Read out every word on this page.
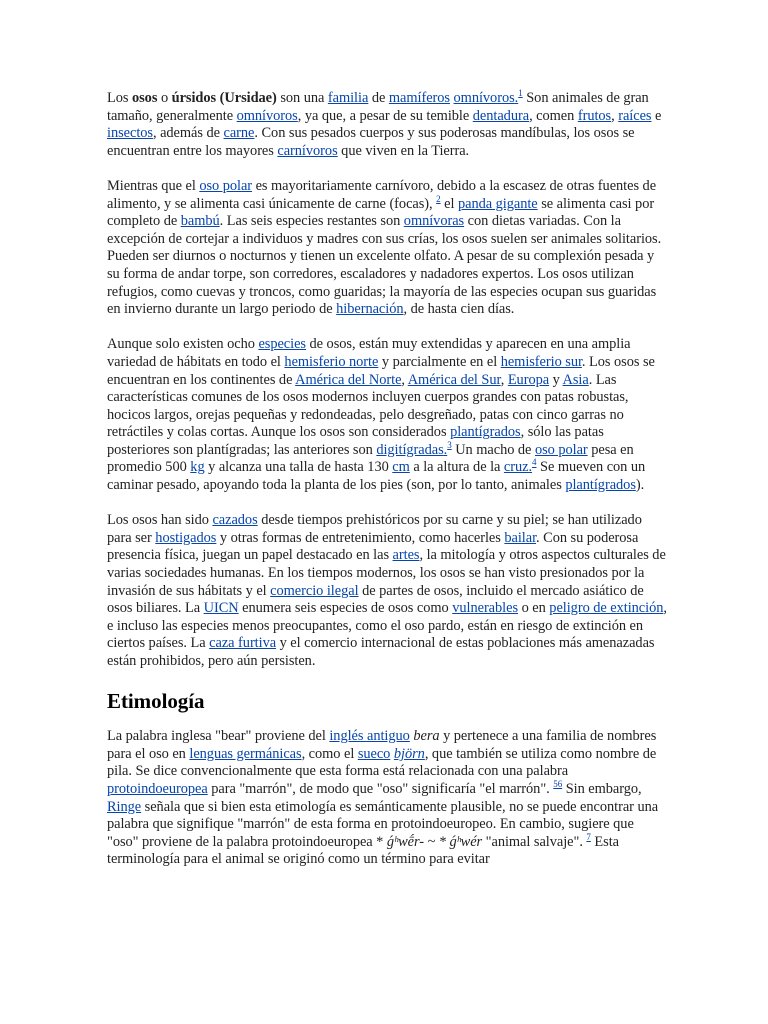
Los osos o úrsidos (Ursidae) son una familia de mamíferos omnívoros.$^1$ Son animales de gran tamaño, generalmente omnívoros, ya que, a pesar de su temible dentadura, comen frutos, raíces e insectos, además de carne. Con sus pesados cuerpos y sus poderosas mandíbulas, los osos se encuentran entre los mayores carnívoros que viven en la Tierra.

Mientras que el oso polar es mayoritariamente carnívoro, debido a la escasez de otras fuentes de alimento, y se alimenta casi únicamente de carne (focas), $^2$ el panda gigante se alimenta casi por completo de bambú. Las seis especies restantes son omnívoras con dietas variadas. Con la excepción de cortejar a individuos y madres con sus crías, los osos suelen ser animales solitarios. Pueden ser diurnos o nocturnos y tienen un excelente olfato. A pesar de su complexión pesada y su forma de andar torpe, son corredores, escaladores y nadadores expertos. Los osos utilizan refugios, como cuevas y troncos, como guaridas; la mayoría de las especies ocupan sus guaridas en invierno durante un largo periodo de hibernación, de hasta cien días.

Aunque solo existen ocho especies de osos, están muy extendidas y aparecen en una amplia variedad de hábitats en todo el hemisferio norte y parcialmente en el hemisferio sur. Los osos se encuentran en los continentes de América del Norte, América del Sur, Europa y Asia. Las características comunes de los osos modernos incluyen cuerpos grandes con patas robustas, hocicos largos, orejas pequeñas y redondeadas, pelo desgreñado, patas con cinco garras no retráctiles y colas cortas. Aunque los osos son considerados plantígrados, sólo las patas posteriores son plantígradas; las anteriores son digitígradas.$^3$ Un macho de oso polar pesa en promedio 500 kg y alcanza una talla de hasta 130 cm a la altura de la cruz.$^4$ Se mueven con un caminar pesado, apoyando toda la planta de los pies (son, por lo tanto, animales plantígrados).

Los osos han sido cazados desde tiempos prehistóricos por su carne y su piel; se han utilizado para ser hostigados y otras formas de entretenimiento, como hacerles bailar. Con su poderosa presencia física, juegan un papel destacado en las artes, la mitología y otros aspectos culturales de varias sociedades humanas. En los tiempos modernos, los osos se han visto presionados por la invasión de sus hábitats y el comercio ilegal de partes de osos, incluido el mercado asiático de osos biliares. La UICN enumera seis especies de osos como vulnerables o en peligro de extinción, e incluso las especies menos preocupantes, como el oso pardo, están en riesgo de extinción en ciertos países. La caza furtiva y el comercio internacional de estas poblaciones más amenazadas están prohibidos, pero aún persisten.

Etimología

La palabra inglesa "bear" proviene del inglés antiguo bera y pertenece a una familia de nombres para el oso en lenguas germánicas, como el sueco björn, que también se utiliza como nombre de pila. Se dice convencionalmente que esta forma está relacionada con una palabra protoindoeuropea para "marrón", de modo que "oso" significaría "el marrón". $^{56}$ Sin embargo, Ringe señala que si bien esta etimología es semánticamente plausible, no se puede encontrar una palabra que signifique "marrón" de esta forma en protoindoeuropeo. En cambio, sugiere que "oso" proviene de la palabra protoindoeuropea * ǵʰwḗr- ~ * ǵʰwér "animal salvaje". $^7$ Esta terminología para el animal se originó como un término para evitar
